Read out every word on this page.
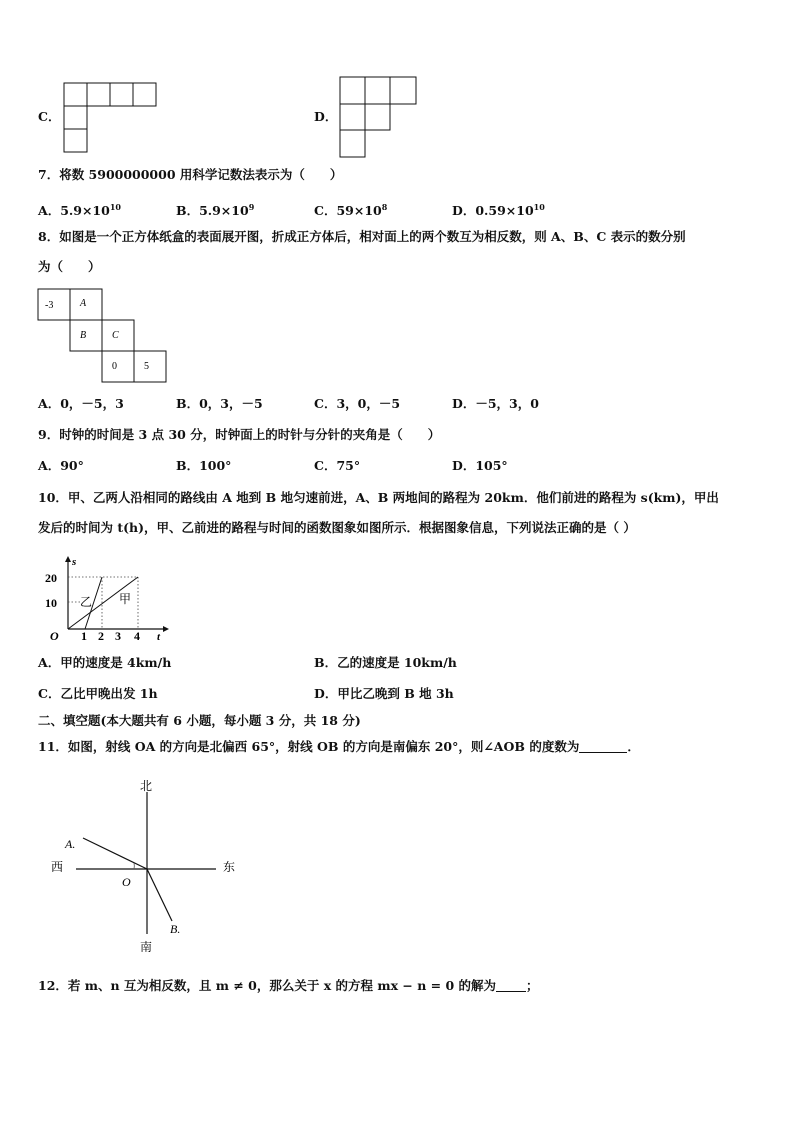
C．	D．
7．将数 5900000000 用科学记数法表示为（　　）
A．$5.9\times 10^{10}$	B．$5.9\times 10^9$	C．$59\times 10^8$	D．$0.59\times 10^{10}$
8．如图是一个正方体纸盒的表面展开图，折成正方体后，相对面上的两个数互为相反数，则 A、B、C 表示的数分别
为（　　）
-3	A
B	C
0	5
A．0，－5，3	B．0，3，－5	C．3，0，－5	D．－5，3，0
9．时钟的时间是 3 点 30 分，时钟面上的时针与分针的夹角是（　　）
A．90°	B．100°	C．75°	D．105°
10．甲、乙两人沿相同的路线由 A 地到 B 地匀速前进，A、B 两地间的路程为 20km．他们前进的路程为 s(km)，甲出
发后的时间为 t(h)，甲、乙前进的路程与时间的函数图象如图所示．根据图象信息，下列说法正确的是（ ）
s
t
O
20
10
1 2 3 4
乙 甲
A．甲的速度是 4km/h	B．乙的速度是 10km/h
C．乙比甲晚出发 1h	D．甲比乙晚到 B 地 3h
二、填空题(本大题共有 6 小题，每小题 3 分，共 18 分)
11．如图，射线 OA 的方向是北偏西 65°，射线 OB 的方向是南偏东 20°，则∠AOB 的度数为	．
北
南
东
西
O
A.
B.
12．若 m、n 互为相反数，且 m ≠ 0，那么关于 x 的方程 mx − n = 0 的解为 ；
